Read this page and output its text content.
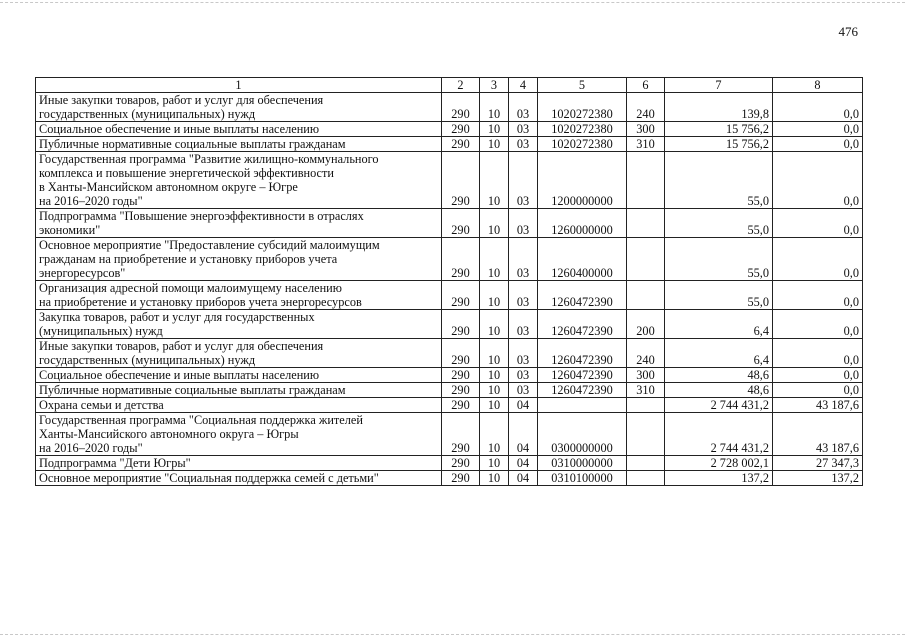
476
1	2	3	4	5	6	7	8
Иные закупки товаров, работ и услуг для обеспечения
государственных (муниципальных) нужд	290	10	03	1020272380	240	139,8	0,0
Социальное обеспечение и иные выплаты населению	290	10	03	1020272380	300	15 756,2	0,0
Публичные нормативные социальные выплаты гражданам	290	10	03	1020272380	310	15 756,2	0,0
Государственная программа "Развитие жилищно-коммунального
комплекса и повышение энергетической эффективности
в Ханты-Мансийском автономном округе – Югре
на 2016–2020 годы"	290	10	03	1200000000		55,0	0,0
Подпрограмма "Повышение энергоэффективности в отраслях
экономики"	290	10	03	1260000000		55,0	0,0
Основное мероприятие "Предоставление субсидий малоимущим
гражданам на приобретение и установку приборов учета
энергоресурсов"	290	10	03	1260400000		55,0	0,0
Организация адресной помощи малоимущему населению
на приобретение и установку приборов учета энергоресурсов	290	10	03	1260472390		55,0	0,0
Закупка товаров, работ и услуг для государственных
(муниципальных) нужд	290	10	03	1260472390	200	6,4	0,0
Иные закупки товаров, работ и услуг для обеспечения
государственных (муниципальных) нужд	290	10	03	1260472390	240	6,4	0,0
Социальное обеспечение и иные выплаты населению	290	10	03	1260472390	300	48,6	0,0
Публичные нормативные социальные выплаты гражданам	290	10	03	1260472390	310	48,6	0,0
Охрана семьи и детства	290	10	04			2 744 431,2	43 187,6
Государственная программа "Социальная поддержка жителей
Ханты-Мансийского автономного округа – Югры
на 2016–2020 годы"	290	10	04	0300000000		2 744 431,2	43 187,6
Подпрограмма "Дети Югры"	290	10	04	0310000000		2 728 002,1	27 347,3
Основное мероприятие "Социальная поддержка семей с детьми"	290	10	04	0310100000		137,2	137,2
